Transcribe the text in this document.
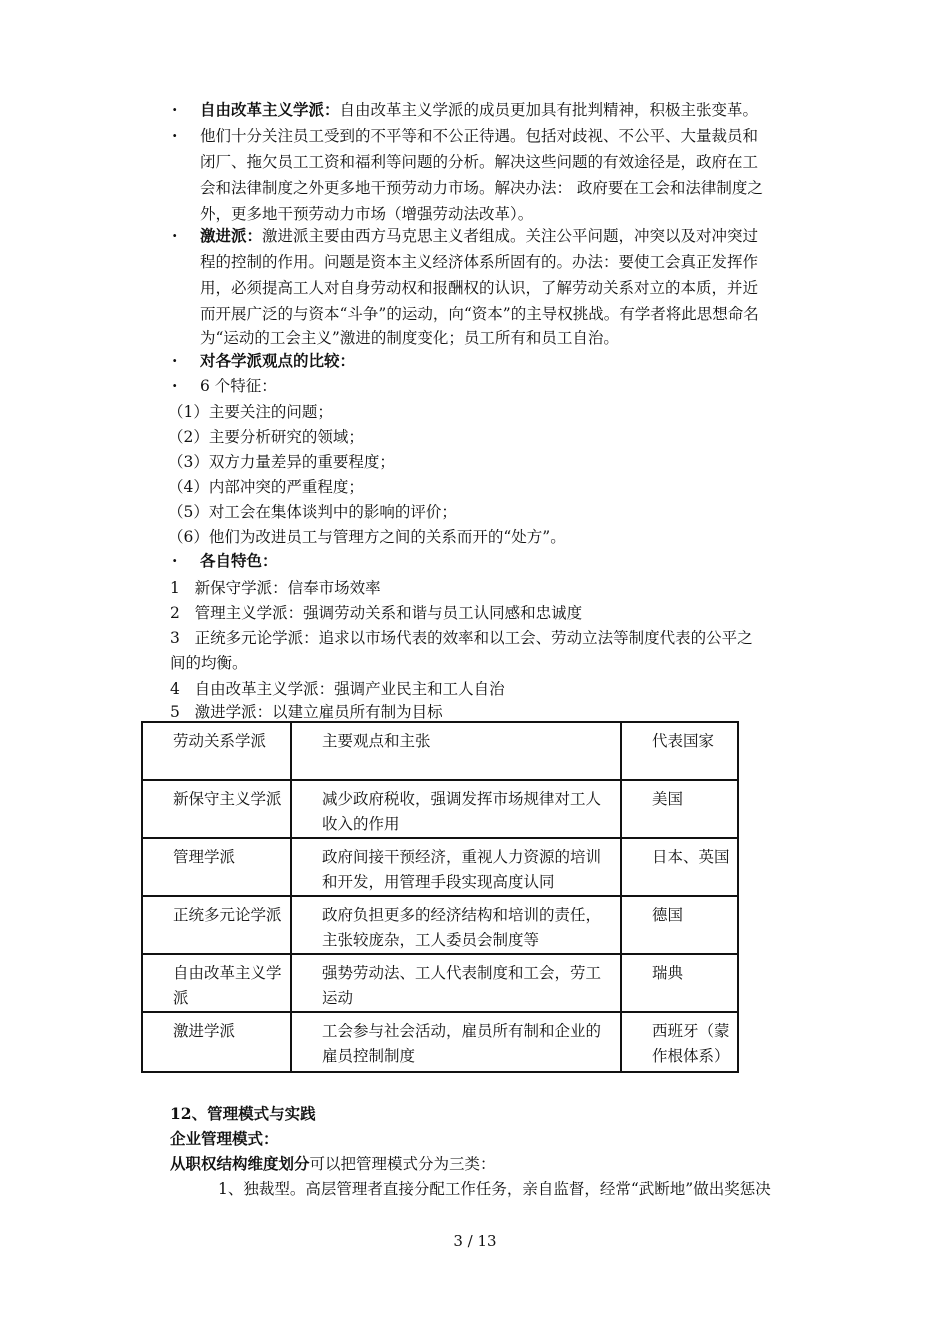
·	自由改革主义学派：自由改革主义学派的成员更加具有批判精神，积极主张变革。
·	他们十分关注员工受到的不平等和不公正待遇。包括对歧视、不公平、大量裁员和
闭厂、拖欠员工工资和福利等问题的分析。解决这些问题的有效途径是，政府在工
会和法律制度之外更多地干预劳动力市场。解决办法： 政府要在工会和法律制度之
外，更多地干预劳动力市场（增强劳动法改革）。
·	激进派：激进派主要由西方马克思主义者组成。关注公平问题，冲突以及对冲突过
程的控制的作用。问题是资本主义经济体系所固有的。办法：要使工会真正发挥作
用，必须提高工人对自身劳动权和报酬权的认识，了解劳动关系对立的本质，并近
而开展广泛的与资本“斗争”的运动，向“资本”的主导权挑战。有学者将此思想命名
为“运动的工会主义”激进的制度变化；员工所有和员工自治。
·	对各学派观点的比较：
·	6 个特征：
（1）主要关注的问题；
（2）主要分析研究的领域；
（3）双方力量差异的重要程度；
（4）内部冲突的严重程度；
（5）对工会在集体谈判中的影响的评价；
（6）他们为改进员工与管理方之间的关系而开的“处方”。
·	各自特色：
1   新保守学派：信奉市场效率
2   管理主义学派：强调劳动关系和谐与员工认同感和忠诚度
3   正统多元论学派：追求以市场代表的效率和以工会、劳动立法等制度代表的公平之
间的均衡。
4   自由改革主义学派：强调产业民主和工人自治
5   激进学派：以建立雇员所有制为目标
劳动关系学派	主要观点和主张	代表国家
新保守主义学派	减少政府税收，强调发挥市场规律对工人
收入的作用	美国
管理学派	政府间接干预经济，重视人力资源的培训
和开发，用管理手段实现高度认同	日本、英国
正统多元论学派	政府负担更多的经济结构和培训的责任，
主张较庞杂，工人委员会制度等	德国
自由改革主义学
派	强势劳动法、工人代表制度和工会，劳工
运动	瑞典
激进学派	工会参与社会活动，雇员所有制和企业的
雇员控制制度	西班牙（蒙
作根体系）
12、管理模式与实践
企业管理模式：
从职权结构维度划分可以把管理模式分为三类：
1、独裁型。高层管理者直接分配工作任务，亲自监督，经常“武断地”做出奖惩决
3 / 13
